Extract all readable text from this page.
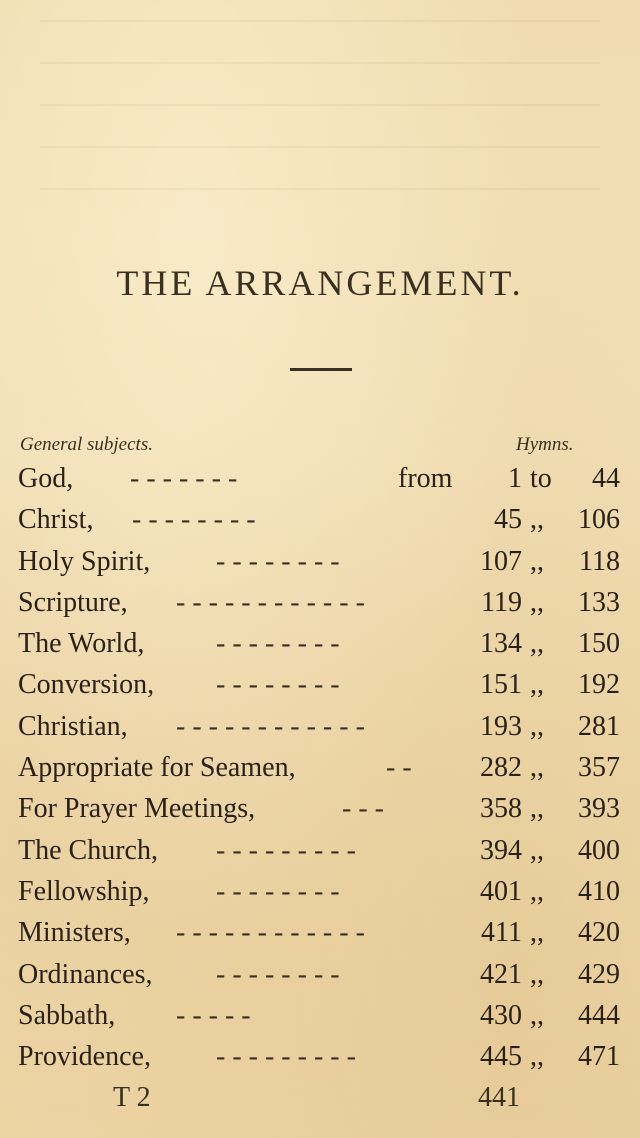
THE ARRANGEMENT.
General subjects.	Hymns.
God, - - - - - - -	from 1 to 44
Christ, - - - - - - - -	45 ,, 106
Holy Spirit, - - - - - - - -	107 ,, 118
Scripture, - - - - - - - - - - - -	119 ,, 133
The World,	- - - - - - - -	134 ,, 150
Conversion, - - - - - - - -	151 ,, 192
Christian, - - - - - - - - - - - -	193 ,, 281
Appropriate for Seamen,	- -	282 ,, 357
For Prayer Meetings,	- - -	358 ,, 393
The Church, - - - - - - - - -	394 ,, 400
Fellowship, - - - - - - - -	401 ,, 410
Ministers, - - - - - - - - - - - -	411 ,, 420
Ordinances, - - - - - - - -	421 ,, 429
Sabbath, - - - - -	430 ,, 444
Providence, - - - - - - - - -	445 ,, 471
T 2	441
